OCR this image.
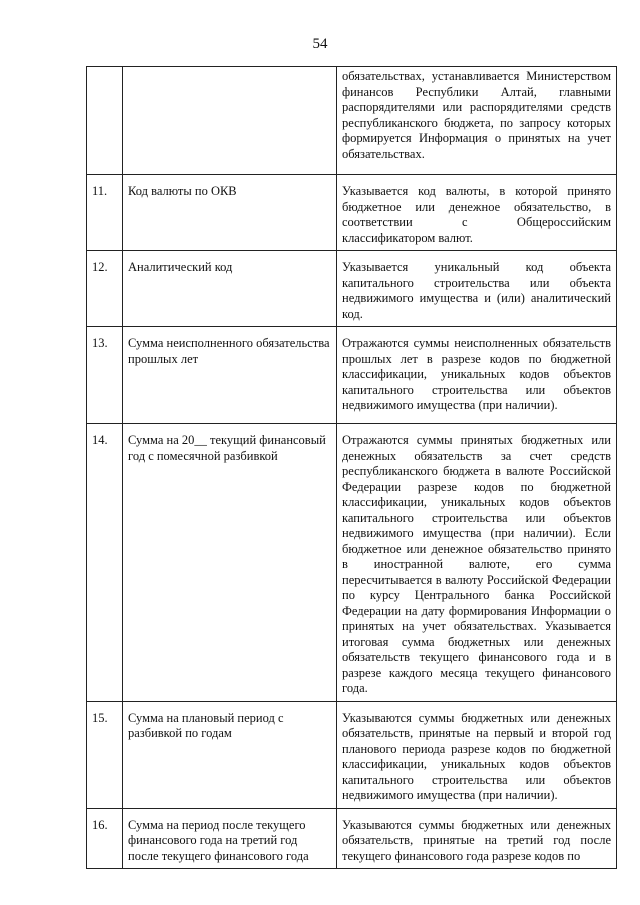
54
		обязательствах, устанавливается Министерством финансов Республики Алтай, главными распорядителями или распорядителями средств республиканского бюджета, по запросу которых формируется Информация о принятых на учет обязательствах.
11.	Код валюты по ОКВ	Указывается код валюты, в которой принято бюджетное или денежное обязательство, в соответствии с Общероссийским классификатором валют.
12.	Аналитический код	Указывается уникальный код объекта капитального строительства или объекта недвижимого имущества и (или) аналитический код.
13.	Сумма неисполненного обязательства прошлых лет	Отражаются суммы неисполненных обязательств прошлых лет в разрезе кодов по бюджетной классификации, уникальных кодов объектов капитального строительства или объектов недвижимого имущества (при наличии).
14.	Сумма на 20__ текущий финансовый год с помесячной разбивкой	Отражаются суммы принятых бюджетных или денежных обязательств за счет средств республиканского бюджета в валюте Российской Федерации разрезе кодов по бюджетной классификации, уникальных кодов объектов капитального строительства или объектов недвижимого имущества (при наличии). Если бюджетное или денежное обязательство принято в иностранной валюте, его сумма пересчитывается в валюту Российской Федерации по курсу Центрального банка Российской Федерации на дату формирования Информации о принятых на учет обязательствах. Указывается итоговая сумма бюджетных или денежных обязательств текущего финансового года и в разрезе каждого месяца текущего финансового года.
15.	Сумма на плановый период с разбивкой по годам	Указываются суммы бюджетных или денежных обязательств, принятые на первый и второй год планового периода разрезе кодов по бюджетной классификации, уникальных кодов объектов капитального строительства или объектов недвижимого имущества (при наличии).
16.	Сумма на период после текущего финансового года на третий год после текущего финансового года	Указываются суммы бюджетных или денежных обязательств, принятые на третий год после текущего финансового года разрезе кодов по
